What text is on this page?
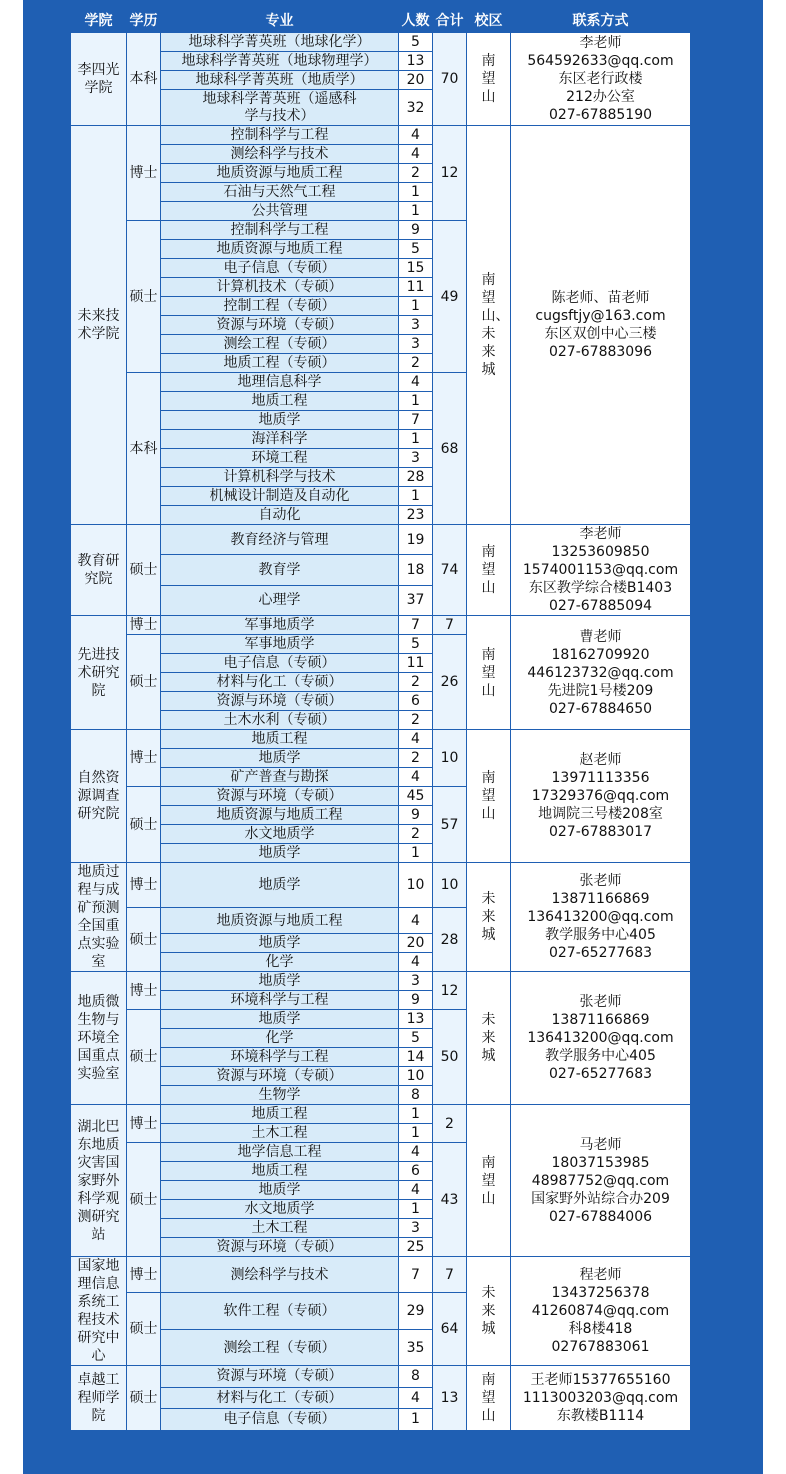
学院	学历	专业	人数	合计	校区	联系方式
李四光学院	本科	地球科学菁英班（地球化学）	5	70	南望山	李老师
564592633@qq.com
东区老行政楼
212办公室
027-67885190

		地球科学菁英班（地球物理学）	13			
		地球科学菁英班（地质学）	20			
		地球科学菁英班（遥感科学与技术）	32			
未来技术学院	博士	控制科学与工程	4	12	南望山、未来城	陈老师、苗老师
cugsftjy@163.com
东区双创中心三楼
027-67883096

		测绘科学与技术	4			
		地质资源与地质工程	2			
		石油与天然气工程	1			
		公共管理	1			
	硕士	控制科学与工程	9	49		
		地质资源与地质工程	5			
		电子信息（专硕）	15			
		计算机技术（专硕）	11			
		控制工程（专硕）	1			
		资源与环境（专硕）	3			
		测绘工程（专硕）	3			
		地质工程（专硕）	2			
	本科	地理信息科学	4	68		
		地质工程	1			
		地质学	7			
		海洋科学	1			
		环境工程	3			
		计算机科学与技术	28			
		机械设计制造及自动化	1			
		自动化	23			
教育研究院	硕士	教育经济与管理	19	74	南望山	李老师
13253609850
1574001153@qq.com
东区教学综合楼B1403
027-67885094

		教育学	18			
		心理学	37			
先进技术研究院	博士	军事地质学	7	7	南望山	曹老师
18162709920
446123732@qq.com
先进院1号楼209
027-67884650

	硕士	军事地质学	5	26		
		电子信息（专硕）	11			
		材料与化工（专硕）	2			
		资源与环境（专硕）	6			
		土木水利（专硕）	2			
自然资源调查研究院	博士	地质工程	4	10	南望山	赵老师
13971113356
17329376@qq.com
地调院三号楼208室
027-67883017

		地质学	2			
		矿产普查与勘探	4			
	硕士	资源与环境（专硕）	45	57		
		地质资源与地质工程	9			
		水文地质学	2			
		地质学	1			
地质过程与成矿预测全国重点实验室	博士	地质学	10	10	未来城	张老师
13871166869
136413200@qq.com
教学服务中心405
027-65277683

	硕士	地质资源与地质工程	4	28		
		地质学	20			
		化学	4			
地质微生物与环境全国重点实验室	博士	地质学	3	12	未来城	张老师
13871166869
136413200@qq.com
教学服务中心405
027-65277683

		环境科学与工程	9			
	硕士	地质学	13	50		
		化学	5			
		环境科学与工程	14			
		资源与环境（专硕）	10			
		生物学	8			
湖北巴东地质灾害国家野外科学观测研究站	博士	地质工程	1	2	南望山	马老师
18037153985
48987752@qq.com
国家野外站综合办209
027-67884006

		土木工程	1			
	硕士	地学信息工程	4	43		
		地质工程	6			
		地质学	4			
		水文地质学	1			
		土木工程	3			
		资源与环境（专硕）	25			
国家地理信息系统工程技术研究中心	博士	测绘科学与技术	7	7	未来城	程老师
13437256378
41260874@qq.com
科8楼418
02767883061

	硕士	软件工程（专硕）	29	64		
		测绘工程（专硕）	35			
卓越工程师学院	硕士	资源与环境（专硕）	8	13	南望山	王老师15377655160
1113003203@qq.com
东教楼B1114

		材料与化工（专硕）	4			
		电子信息（专硕）	1			
